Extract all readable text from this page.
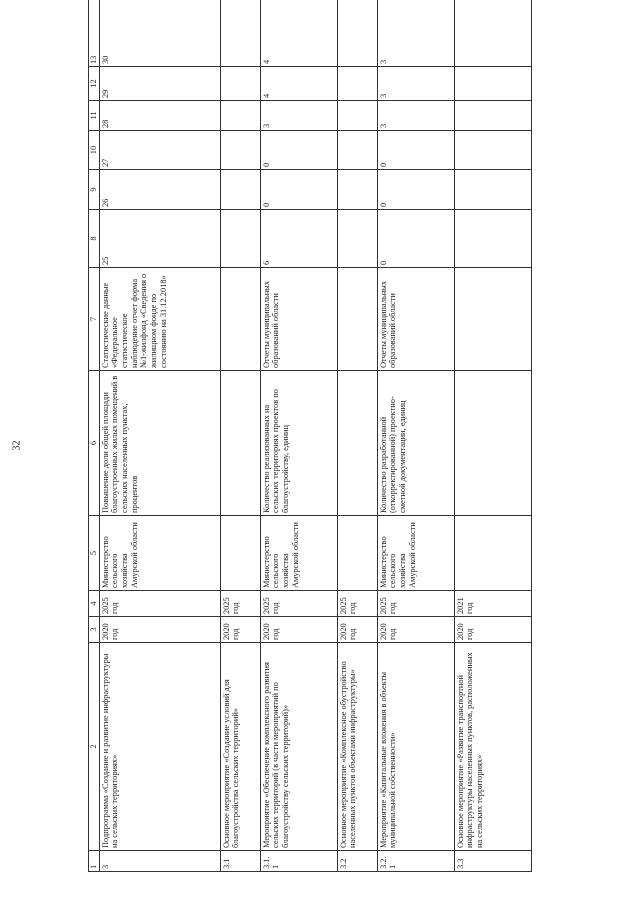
32
1	2	3	4	5	6	7	8	9	10	11	12	13
3	Подпрограмма «Создание и развитие инфраструктуры на сельских территориях»	2020 год	2025 год	Министерство сельского хозяйства Амурской области	Повышение доли общей площади благоустроенных жилых помещений в сельских населенных пунктах, процентов	Статистические данные «Федеральное статистическое наблюдение отчет форма №1-жилфонд «Сведения о жилищном фонде по состоянию на 31.12.2018»	25	26	27	28	29	30
3.1	Основное мероприятие «Создание условий для благоустройства сельских территорий»	2020 год	2025 год									
3.1.1	Мероприятие «Обеспечение комплексного развития сельских территорий (в части мероприятий по благоустройству сельских территорий)»	2020 год	2025 год	Министерство сельского хозяйства Амурской области	Количество реализованных на сельских территориях проектов по благоустройству, единиц	Отчеты муниципальных образований области	6	0	0	3	4	4
3.2	Основное мероприятие «Комплексное обустройство населенных пунктов объектами инфраструктуры»	2020 год	2025 год									
3.2.1	Мероприятие «Капитальные вложения в объекты муниципальной собственности»	2020 год	2025 год	Министерство сельского хозяйства Амурской области	Количество разработанной (откорректированной) проектно-сметной документации, единиц	Отчеты муниципальных образований области	0	0	0	3	3	3
3.3	Основное мероприятие «Развитие транспортной инфраструктуры населенных пунктов, расположенных на сельских территориях»	2020 год	2021 год									
